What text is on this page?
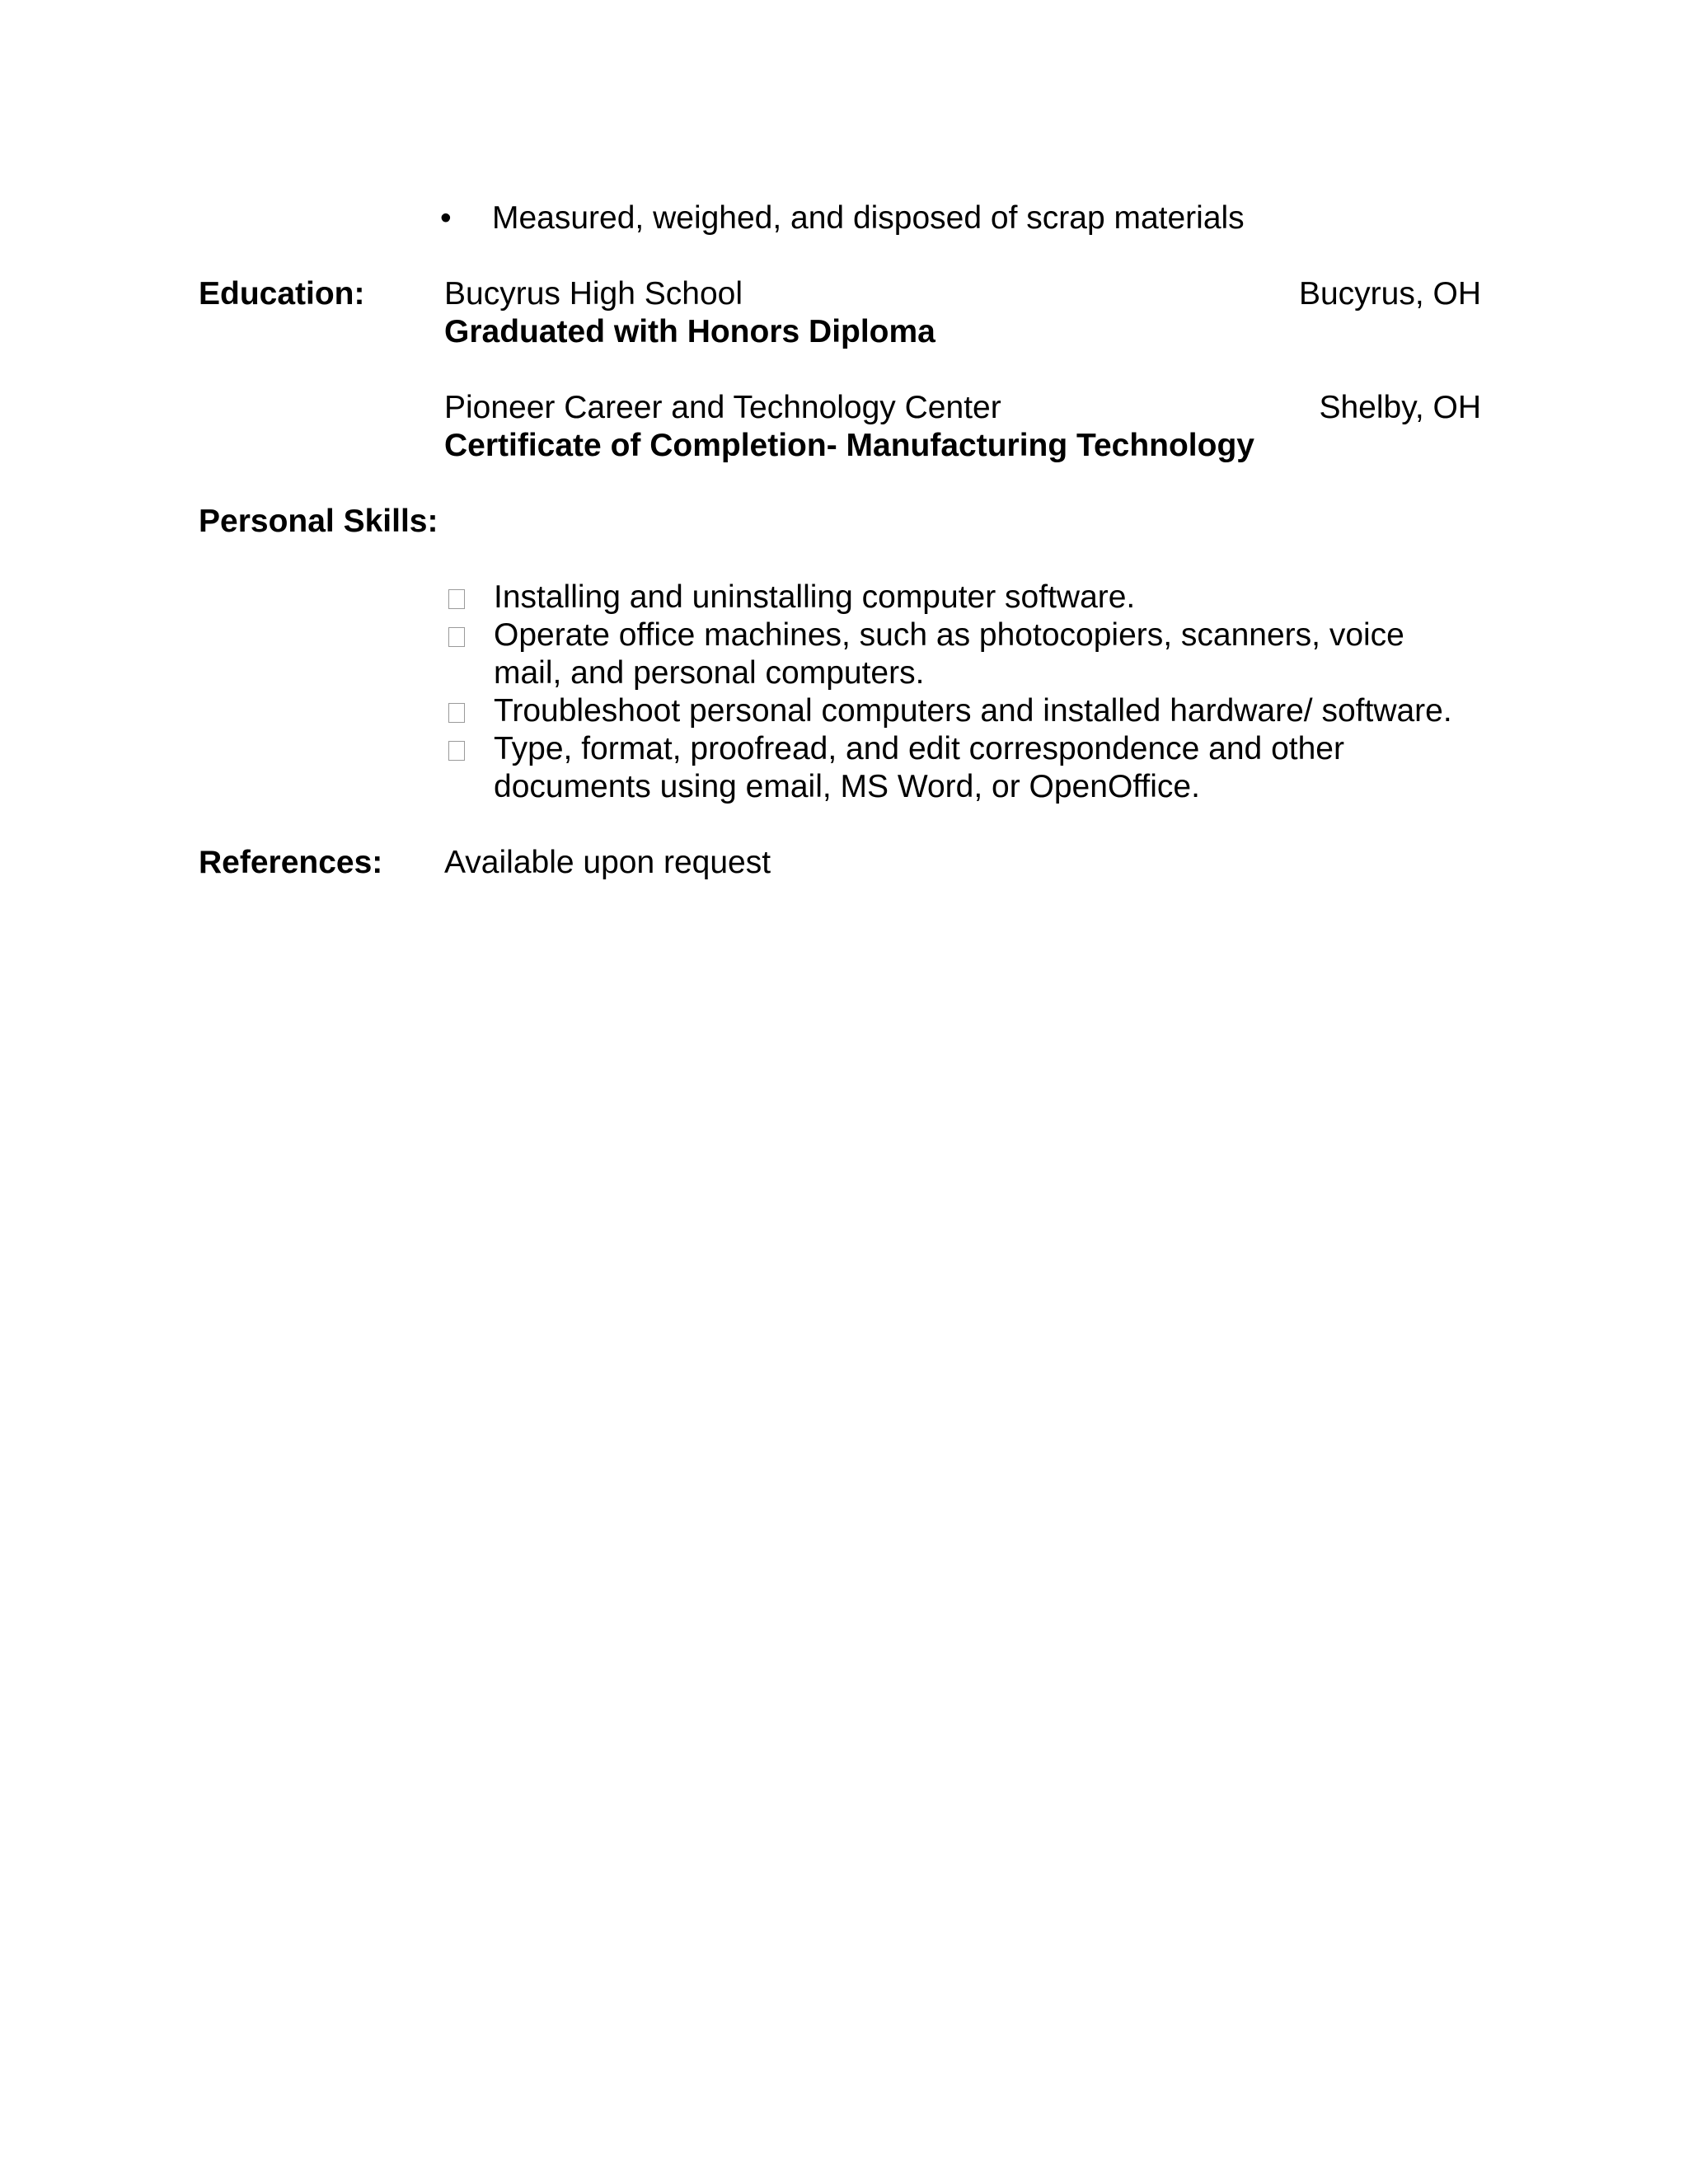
• Measured, weighed, and disposed of scrap materials
Education: Bucyrus High School	Bucyrus, OH
Graduated with Honors Diploma
Pioneer Career and Technology Center	Shelby, OH
Certificate of Completion- Manufacturing Technology
Personal Skills:
Installing and uninstalling computer software.
Operate office machines, such as photocopiers, scanners, voice
mail, and personal computers.
Troubleshoot personal computers and installed hardware/ software.
Type, format, proofread, and edit correspondence and other
documents using email, MS Word, or OpenOffice.
References: Available upon request
